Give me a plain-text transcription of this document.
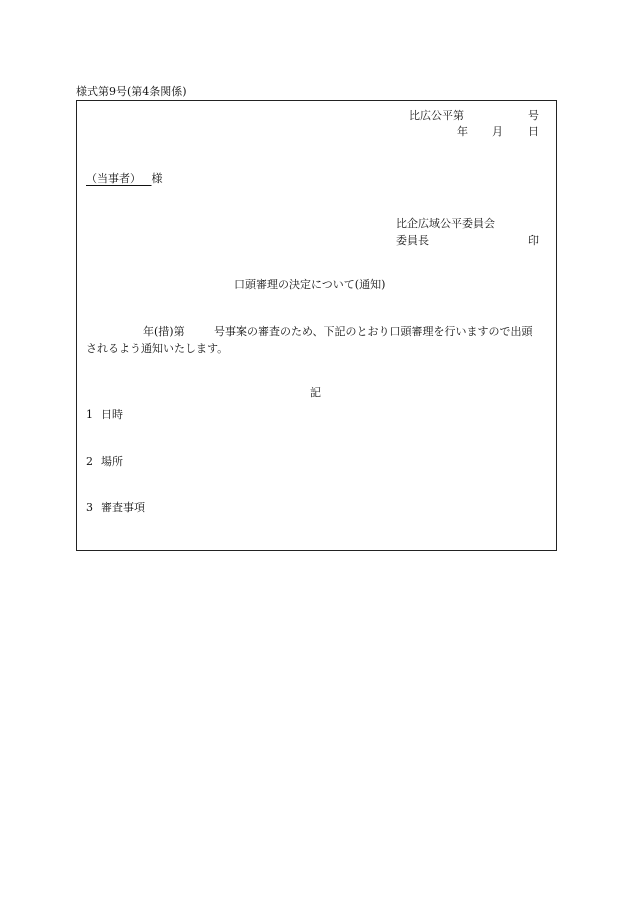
様式第9号(第4条関係)
比広公平第	号
年 月 日
（当事者） 様
比企広域公平委員会
委員長	印
口頭審理の決定について(通知)
年(措)第	号事案の審査のため、下記のとおり口頭審理を行いますので出頭
されるよう通知いたします。
記
1 日時
2 場所
3 審査事項
